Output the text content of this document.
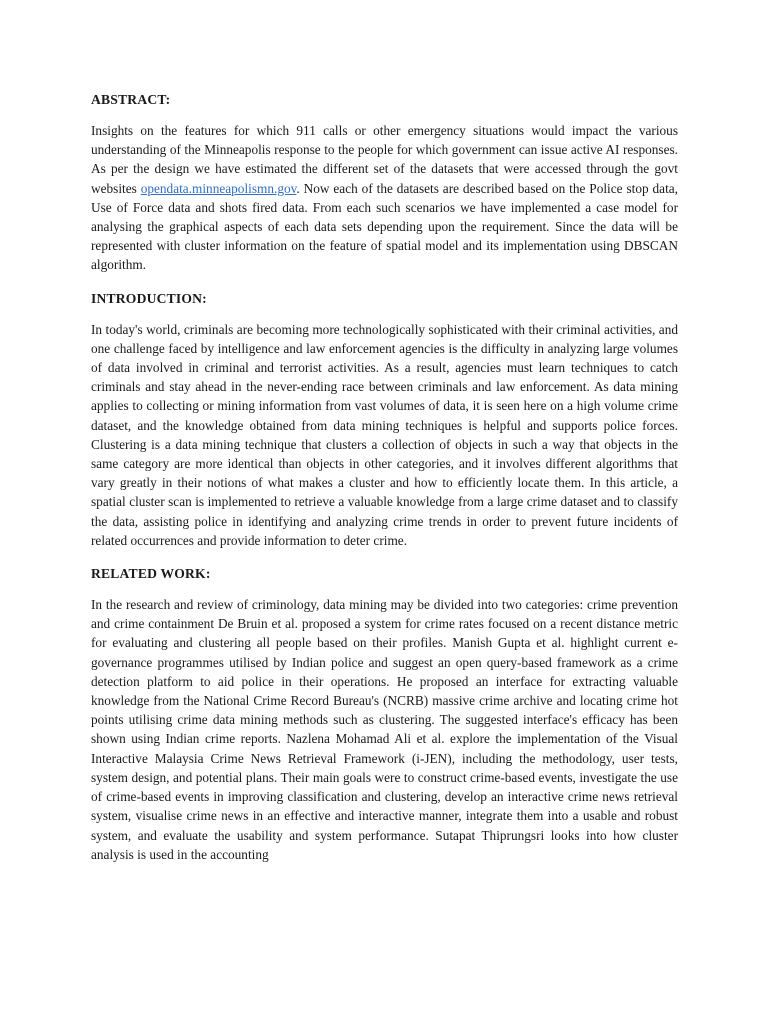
ABSTRACT:

Insights on the features for which 911 calls or other emergency situations would impact the various understanding of the Minneapolis response to the people for which government can issue active AI responses. As per the design we have estimated the different set of the datasets that were accessed through the govt websites opendata.minneapolismn.gov. Now each of the datasets are described based on the Police stop data, Use of Force data and shots fired data. From each such scenarios we have implemented a case model for analysing the graphical aspects of each data sets depending upon the requirement. Since the data will be represented with cluster information on the feature of spatial model and its implementation using DBSCAN algorithm.

INTRODUCTION:

In today's world, criminals are becoming more technologically sophisticated with their criminal activities, and one challenge faced by intelligence and law enforcement agencies is the difficulty in analyzing large volumes of data involved in criminal and terrorist activities. As a result, agencies must learn techniques to catch criminals and stay ahead in the never-ending race between criminals and law enforcement. As data mining applies to collecting or mining information from vast volumes of data, it is seen here on a high volume crime dataset, and the knowledge obtained from data mining techniques is helpful and supports police forces. Clustering is a data mining technique that clusters a collection of objects in such a way that objects in the same category are more identical than objects in other categories, and it involves different algorithms that vary greatly in their notions of what makes a cluster and how to efficiently locate them. In this article, a spatial cluster scan is implemented to retrieve a valuable knowledge from a large crime dataset and to classify the data, assisting police in identifying and analyzing crime trends in order to prevent future incidents of related occurrences and provide information to deter crime.

RELATED WORK:

In the research and review of criminology, data mining may be divided into two categories: crime prevention and crime containment De Bruin et al. proposed a system for crime rates focused on a recent distance metric for evaluating and clustering all people based on their profiles. Manish Gupta et al. highlight current e-governance programmes utilised by Indian police and suggest an open query-based framework as a crime detection platform to aid police in their operations. He proposed an interface for extracting valuable knowledge from the National Crime Record Bureau's (NCRB) massive crime archive and locating crime hot points utilising crime data mining methods such as clustering. The suggested interface's efficacy has been shown using Indian crime reports. Nazlena Mohamad Ali et al. explore the implementation of the Visual Interactive Malaysia Crime News Retrieval Framework (i-JEN), including the methodology, user tests, system design, and potential plans. Their main goals were to construct crime-based events, investigate the use of crime-based events in improving classification and clustering, develop an interactive crime news retrieval system, visualise crime news in an effective and interactive manner, integrate them into a usable and robust system, and evaluate the usability and system performance. Sutapat Thiprungsri looks into how cluster analysis is used in the accounting
